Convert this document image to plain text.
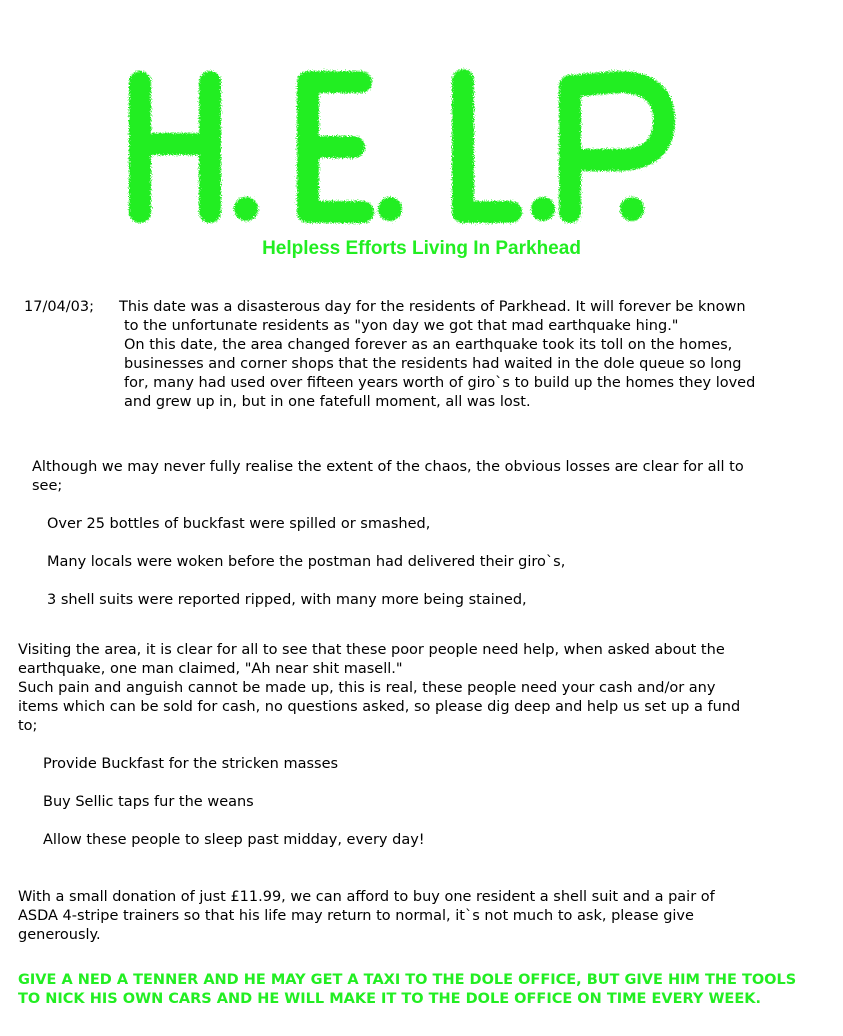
Helpless Efforts Living In Parkhead
17/04/03; This date was a disasterous day for the residents of Parkhead. It will forever be known
to the unfortunate residents as "yon day we got that mad earthquake hing."
On this date, the area changed forever as an earthquake took its toll on the homes,
businesses and corner shops that the residents had waited in the dole queue so long
for, many had used over fifteen years worth of giro`s to build up the homes they loved
and grew up in, but in one fatefull moment, all was lost.
Although we may never fully realise the extent of the chaos, the obvious losses are clear for all to
see;
Over 25 bottles of buckfast were spilled or smashed,
Many locals were woken before the postman had delivered their giro`s,
3 shell suits were reported ripped, with many more being stained,
Visiting the area, it is clear for all to see that these poor people need help, when asked about the
earthquake, one man claimed, "Ah near shit masell."
Such pain and anguish cannot be made up, this is real, these people need your cash and/or any
items which can be sold for cash, no questions asked, so please dig deep and help us set up a fund
to;
Provide Buckfast for the stricken masses
Buy Sellic taps fur the weans
Allow these people to sleep past midday, every day!
With a small donation of just £11.99, we can afford to buy one resident a shell suit and a pair of
ASDA 4-stripe trainers so that his life may return to normal, it`s not much to ask, please give
generously.
GIVE A NED A TENNER AND HE MAY GET A TAXI TO THE DOLE OFFICE, BUT GIVE HIM THE TOOLS
TO NICK HIS OWN CARS AND HE WILL MAKE IT TO THE DOLE OFFICE ON TIME EVERY WEEK.
